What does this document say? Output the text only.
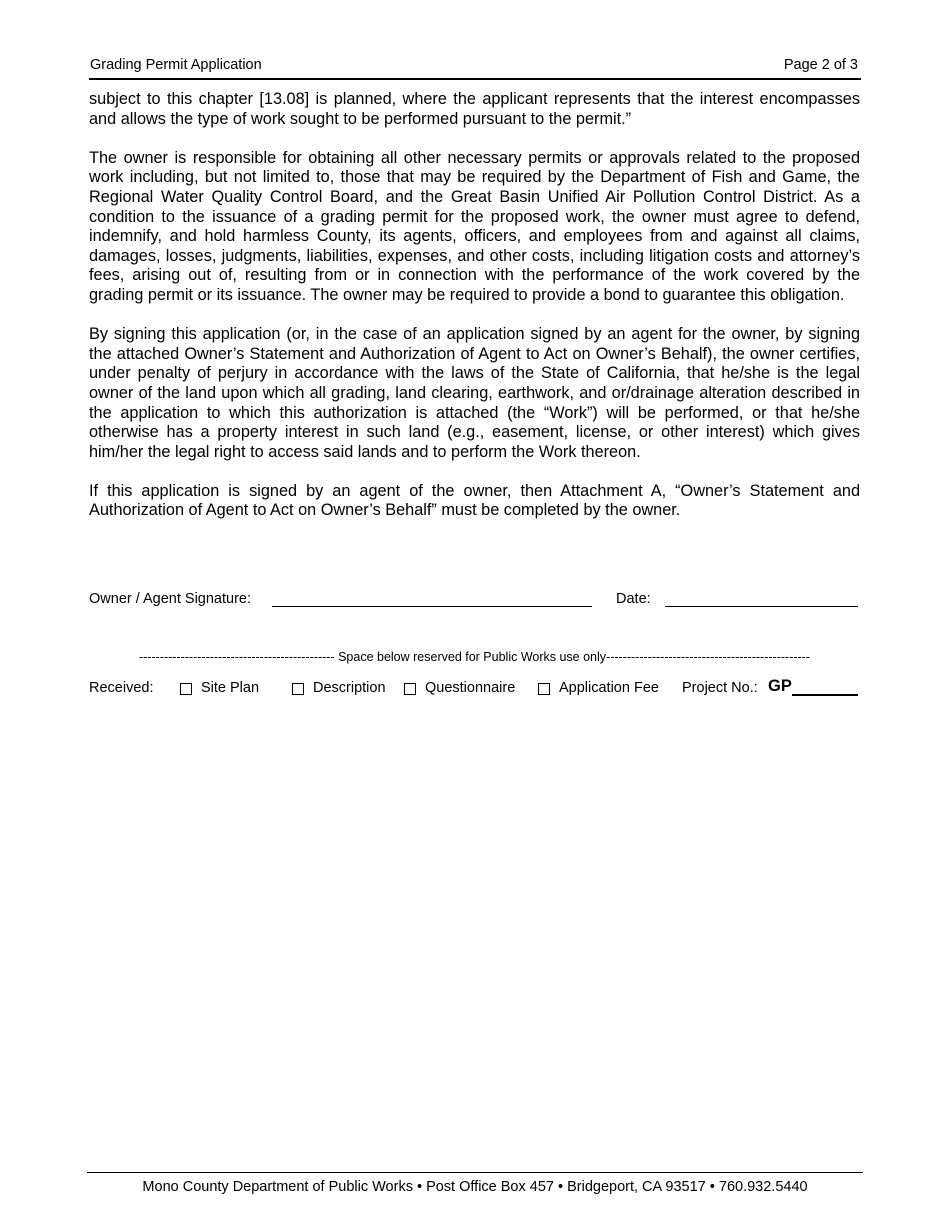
Grading Permit Application	Page 2 of 3

subject to this chapter [13.08] is planned, where the applicant represents that the interest encompasses and allows the type of work sought to be performed pursuant to the permit.”

The owner is responsible for obtaining all other necessary permits or approvals related to the proposed work including, but not limited to, those that may be required by the Department of Fish and Game, the Regional Water Quality Control Board, and the Great Basin Unified Air Pollution Control District. As a condition to the issuance of a grading permit for the proposed work, the owner must agree to defend, indemnify, and hold harmless County, its agents, officers, and employees from and against all claims, damages, losses, judgments, liabilities, expenses, and other costs, including litigation costs and attorney’s fees, arising out of, resulting from or in connection with the performance of the work covered by the grading permit or its issuance. The owner may be required to provide a bond to guarantee this obligation.

By signing this application (or, in the case of an application signed by an agent for the owner, by signing the attached Owner’s Statement and Authorization of Agent to Act on Owner’s Behalf), the owner certifies, under penalty of perjury in accordance with the laws of the State of California, that he/she is the legal owner of the land upon which all grading, land clearing, earthwork, and or/drainage alteration described in the application to which this authorization is attached (the “Work”) will be performed, or that he/she otherwise has a property interest in such land (e.g., easement, license, or other interest) which gives him/her the legal right to access said lands and to perform the Work thereon.

If this application is signed by an agent of the owner, then Attachment A, “Owner’s Statement and Authorization of Agent to Act on Owner’s Behalf” must be completed by the owner.

Owner / Agent Signature:	Date:
----------------------------------------------- Space below reserved for Public Works use only-------------------------------------------------
Received:	Site Plan	Description	Questionnaire	Application Fee Project No.: GP
Mono County Department of Public Works • Post Office Box 457 • Bridgeport, CA 93517 • 760.932.5440
